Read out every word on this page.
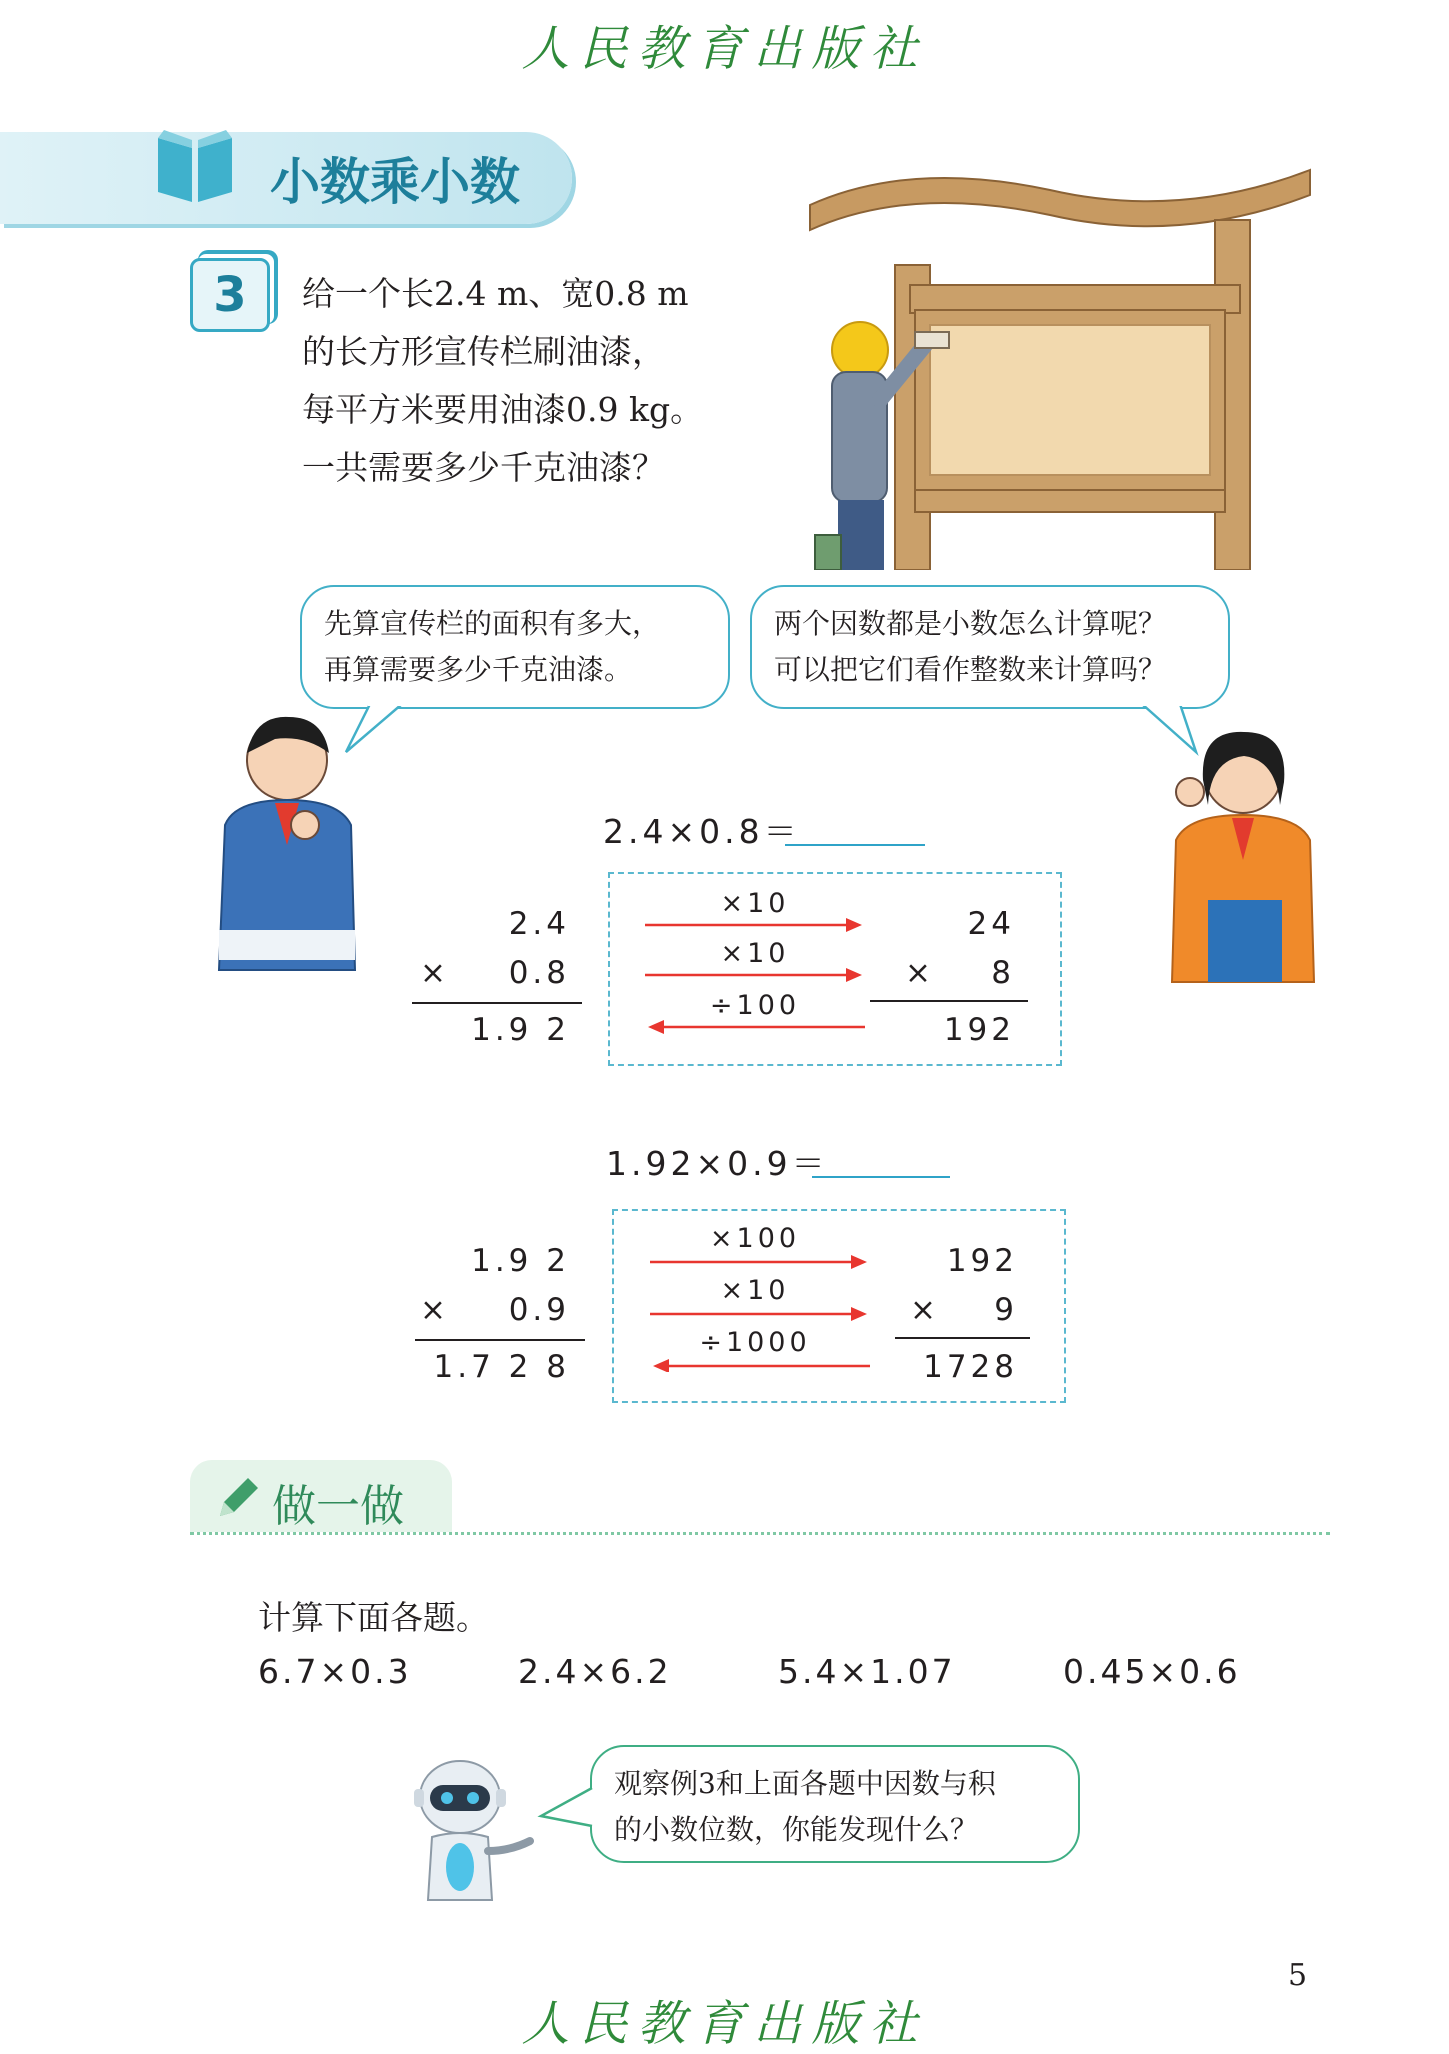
人民教育出版社
小数乘小数
3	给一个长2.4 m、宽0.8 m
的长方形宣传栏刷油漆，
每平方米要用油漆0.9 kg。
一共需要多少千克油漆？
先算宣传栏的面积有多大，
再算需要多少千克油漆。
两个因数都是小数怎么计算呢？
可以把它们看作整数来计算吗？
2.4×0.8＝
2.4
×	0.8
1.9 2
×10
×10
÷100
24
×	8
192
1.92×0.9＝
1.9 2
×	0.9
1.7 2 8
×100
×10
÷1000
192
×	9
1728
做一做
计算下面各题。
6.7×0.3	2.4×6.2	5.4×1.07	0.45×0.6
观察例3和上面各题中因数与积
的小数位数，你能发现什么？
5
人民教育出版社
